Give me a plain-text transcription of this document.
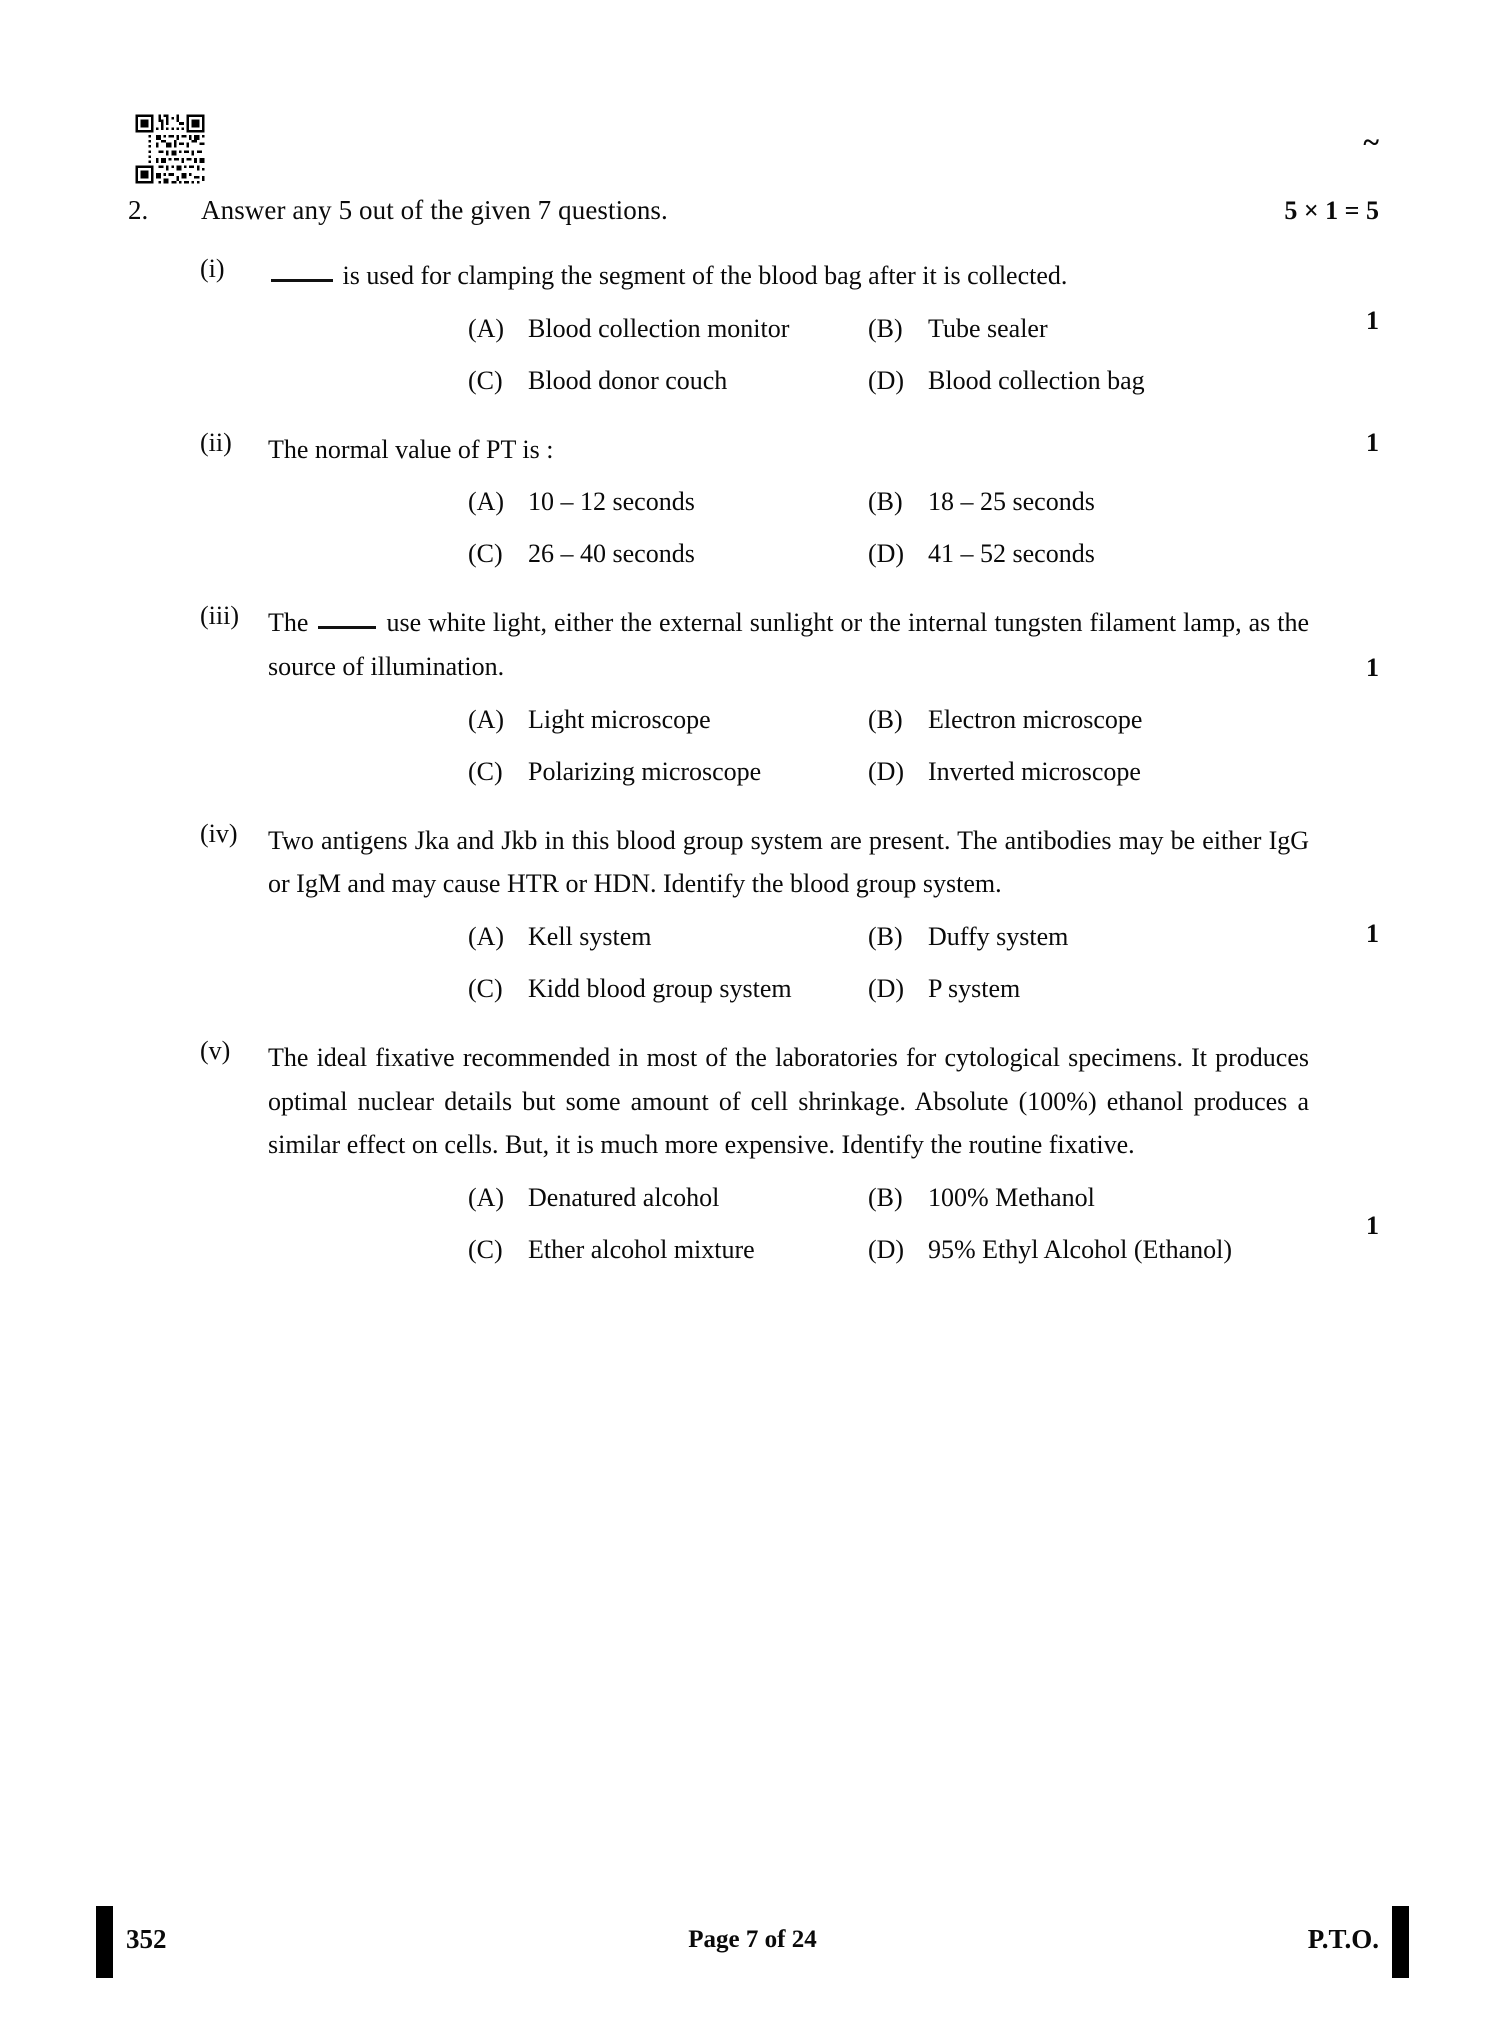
~
2.	Answer any 5 out of the given 7 questions.	5 × 1 = 5
(i)	is used for clamping the segment of the blood bag after it is collected.
1
(A) Blood collection monitor	(B) Tube sealer
(C) Blood donor couch	(D) Blood collection bag
(ii)	The normal value of PT is :	1
(A) 10 – 12 seconds	(B) 18 – 25 seconds
(C) 26 – 40 seconds	(D) 41 – 52 seconds
(iii)	The	use white light, either the external sunlight or the internal tungsten filament lamp, as the source of illumination.	1
(A) Light microscope	(B) Electron microscope
(C) Polarizing microscope	(D) Inverted microscope
(iv)	Two antigens Jka and Jkb in this blood group system are present. The antibodies may be either IgG or IgM and may cause HTR or HDN. Identify the blood group system.
1
(A) Kell system	(B) Duffy system
(C) Kidd blood group system	(D) P system
(v)	The ideal fixative recommended in most of the laboratories for cytological specimens. It produces optimal nuclear details but some amount of cell shrinkage. Absolute (100%) ethanol produces a similar effect on cells. But, it is much more expensive. Identify the routine fixative.
1
(A) Denatured alcohol	(B) 100% Methanol
(C) Ether alcohol mixture	(D) 95% Ethyl Alcohol (Ethanol)
352	Page 7 of 24	P.T.O.
